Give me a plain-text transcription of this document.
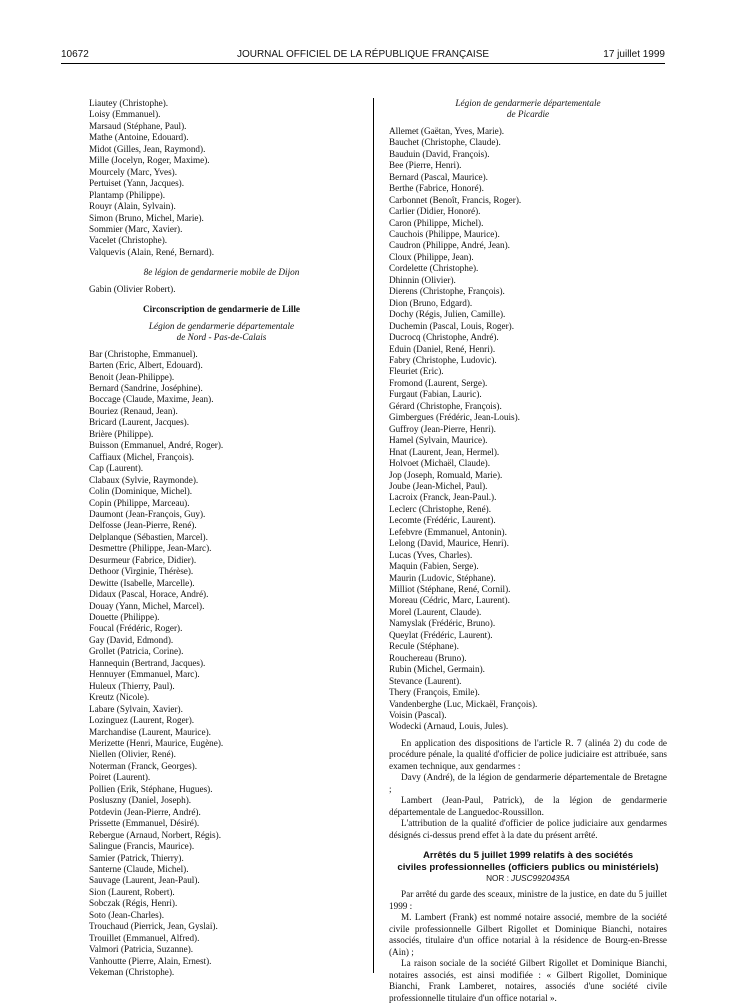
10672	JOURNAL OFFICIEL DE LA RÉPUBLIQUE FRANÇAISE	17 juillet 1999
Liautey (Christophe).
Loisy (Emmanuel).
Marsaud (Stéphane, Paul).
Mathe (Antoine, Edouard).
Midot (Gilles, Jean, Raymond).
Mille (Jocelyn, Roger, Maxime).
Mourcely (Marc, Yves).
Pertuiset (Yann, Jacques).
Plantamp (Philippe).
Rouyr (Alain, Sylvain).
Simon (Bruno, Michel, Marie).
Sommier (Marc, Xavier).
Vacelet (Christophe).
Valquevis (Alain, René, Bernard).
8e légion de gendarmerie mobile de Dijon
Gabin (Olivier Robert).
Circonscription de gendarmerie de Lille
Légion de gendarmerie départementale
de Nord - Pas-de-Calais
Bar (Christophe, Emmanuel).
Barten (Eric, Albert, Edouard).
Benoit (Jean-Philippe).
Bernard (Sandrine, Joséphine).
Boccage (Claude, Maxime, Jean).
Bouriez (Renaud, Jean).
Bricard (Laurent, Jacques).
Brière (Philippe).
Buisson (Emmanuel, André, Roger).
Caffiaux (Michel, François).
Cap (Laurent).
Clabaux (Sylvie, Raymonde).
Colin (Dominique, Michel).
Copin (Philippe, Marceau).
Daumont (Jean-François, Guy).
Delfosse (Jean-Pierre, René).
Delplanque (Sébastien, Marcel).
Desmettre (Philippe, Jean-Marc).
Desurmeur (Fabrice, Didier).
Dethoor (Virginie, Thérèse).
Dewitte (Isabelle, Marcelle).
Didaux (Pascal, Horace, André).
Douay (Yann, Michel, Marcel).
Douette (Philippe).
Foucal (Frédéric, Roger).
Gay (David, Edmond).
Grollet (Patricia, Corine).
Hannequin (Bertrand, Jacques).
Hennuyer (Emmanuel, Marc).
Huleux (Thierry, Paul).
Kreutz (Nicole).
Labare (Sylvain, Xavier).
Lozinguez (Laurent, Roger).
Marchandise (Laurent, Maurice).
Merizette (Henri, Maurice, Eugène).
Niellen (Olivier, René).
Noterman (Franck, Georges).
Poiret (Laurent).
Pollien (Erik, Stéphane, Hugues).
Posluszny (Daniel, Joseph).
Potdevin (Jean-Pierre, André).
Prissette (Emmanuel, Désiré).
Rebergue (Arnaud, Norbert, Régis).
Salingue (Francis, Maurice).
Samier (Patrick, Thierry).
Santerne (Claude, Michel).
Sauvage (Laurent, Jean-Paul).
Sion (Laurent, Robert).
Sobczak (Régis, Henri).
Soto (Jean-Charles).
Trouchaud (Pierrick, Jean, Gyslai).
Trouillet (Emmanuel, Alfred).
Valmori (Patricia, Suzanne).
Vanhoutte (Pierre, Alain, Ernest).
Vekeman (Christophe).
Légion de gendarmerie départementale
de Picardie
Allemet (Gaëtan, Yves, Marie).
Bauchet (Christophe, Claude).
Bauduin (David, François).
Bee (Pierre, Henri).
Bernard (Pascal, Maurice).
Berthe (Fabrice, Honoré).
Carbonnet (Benoît, Francis, Roger).
Carlier (Didier, Honoré).
Caron (Philippe, Michel).
Cauchois (Philippe, Maurice).
Caudron (Philippe, André, Jean).
Cloux (Philippe, Jean).
Cordelette (Christophe).
Dhinnin (Olivier).
Dierens (Christophe, François).
Dion (Bruno, Edgard).
Dochy (Régis, Julien, Camille).
Duchemin (Pascal, Louis, Roger).
Ducrocq (Christophe, André).
Eduin (Daniel, René, Henri).
Fabry (Christophe, Ludovic).
Fleuriet (Eric).
Fromond (Laurent, Serge).
Furgaut (Fabian, Lauric).
Gérard (Christophe, François).
Gimbergues (Frédéric, Jean-Louis).
Guffroy (Jean-Pierre, Henri).
Hamel (Sylvain, Maurice).
Hnat (Laurent, Jean, Hermel).
Holvoet (Michaël, Claude).
Jop (Joseph, Romuald, Marie).
Joube (Jean-Michel, Paul).
Lacroix (Franck, Jean-Paul.).
Leclerc (Christophe, René).
Lecomte (Frédéric, Laurent).
Lefebvre (Emmanuel, Antonin).
Lelong (David, Maurice, Henri).
Lucas (Yves, Charles).
Maquin (Fabien, Serge).
Maurin (Ludovic, Stéphane).
Milliot (Stéphane, René, Cornil).
Moreau (Cédric, Marc, Laurent).
Morel (Laurent, Claude).
Namyslak (Frédéric, Bruno).
Queylat (Frédéric, Laurent).
Recule (Stéphane).
Rouchereau (Bruno).
Rubin (Michel, Germain).
Stevance (Laurent).
Thery (François, Emile).
Vandenberghe (Luc, Mickaël, François).
Voisin (Pascal).
Wodecki (Arnaud, Louis, Jules).

En application des dispositions de l'article R. 7 (alinéa 2) du code de procédure pénale, la qualité d'officier de police judiciaire est attribuée, sans examen technique, aux gendarmes :

Davy (André), de la légion de gendarmerie départementale de Bretagne ;

Lambert (Jean-Paul, Patrick), de la légion de gendarmerie départementale de Languedoc-Roussillon.

L'attribution de la qualité d'officier de police judiciaire aux gendarmes désignés ci-dessus prend effet à la date du présent arrêté.

Arrêtés du 5 juillet 1999 relatifs à des sociétés
civiles professionnelles (officiers publics ou ministériels)
NOR : JUSC9920435A

Par arrêté du garde des sceaux, ministre de la justice, en date du 5 juillet 1999 :

M. Lambert (Frank) est nommé notaire associé, membre de la société civile professionnelle Gilbert Rigollet et Dominique Bianchi, notaires associés, titulaire d'un office notarial à la résidence de Bourg-en-Bresse (Ain) ;

La raison sociale de la société Gilbert Rigollet et Dominique Bianchi, notaires associés, est ainsi modifiée : « Gilbert Rigollet, Dominique Bianchi, Frank Lamberet, notaires, associés d'une société civile professionnelle titulaire d'un office notarial ».
